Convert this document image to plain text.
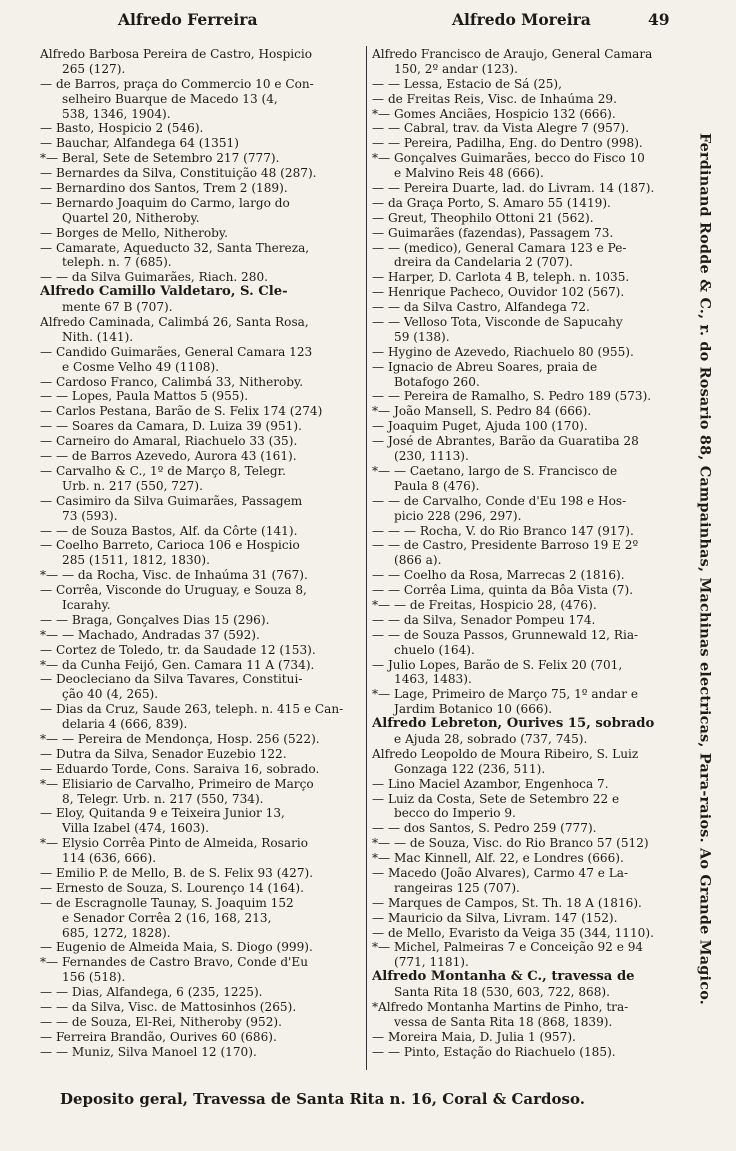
Alfredo Ferreira	Alfredo Moreira	49
Alfredo Barbosa Pereira de Castro, Hospicio
265 (127).
— de Barros, praça do Commercio 10 e Con-
selheiro Buarque de Macedo 13 (4,
538, 1346, 1904).
— Basto, Hospicio 2 (546).
— Bauchar, Alfandega 64 (1351)
*— Beral, Sete de Setembro 217 (777).
— Bernardes da Silva, Constituição 48 (287).
— Bernardino dos Santos, Trem 2 (189).
— Bernardo Joaquim do Carmo, largo do
Quartel 20, Nitheroby.
— Borges de Mello, Nitheroby.
— Camarate, Aqueducto 32, Santa Thereza,
teleph. n. 7 (685).
— — da Silva Guimarães, Riach. 280.
Alfredo Camillo Valdetaro, S. Cle-
mente 67 B (707).
Alfredo Caminada, Calimbá 26, Santa Rosa,
Nith. (141).
— Candido Guimarães, General Camara 123
e Cosme Velho 49 (1108).
— Cardoso Franco, Calimbá 33, Nitheroby.
— — Lopes, Paula Mattos 5 (955).
— Carlos Pestana, Barão de S. Felix 174 (274)
— — Soares da Camara, D. Luiza 39 (951).
— Carneiro do Amaral, Riachuelo 33 (35).
— — de Barros Azevedo, Aurora 43 (161).
— Carvalho & C., 1º de Março 8, Telegr.
Urb. n. 217 (550, 727).
— Casimiro da Silva Guimarães, Passagem
73 (593).
— — de Souza Bastos, Alf. da Côrte (141).
— Coelho Barreto, Carioca 106 e Hospicio
285 (1511, 1812, 1830).
*— — da Rocha, Visc. de Inhaúma 31 (767).
— Corrêa, Visconde do Uruguay, e Souza 8,
Icarahy.
— — Braga, Gonçalves Dias 15 (296).
*— — Machado, Andradas 37 (592).
— Cortez de Toledo, tr. da Saudade 12 (153).
*— da Cunha Feijó, Gen. Camara 11 A (734).
— Deocleciano da Silva Tavares, Constitui-
ção 40 (4, 265).
— Dias da Cruz, Saude 263, teleph. n. 415 e Can-
delaria 4 (666, 839).
*— — Pereira de Mendonça, Hosp. 256 (522).
— Dutra da Silva, Senador Euzebio 122.
— Eduardo Torde, Cons. Saraiva 16, sobrado.
*— Elisiario de Carvalho, Primeiro de Março
8, Telegr. Urb. n. 217 (550, 734).
— Eloy, Quitanda 9 e Teixeira Junior 13,
Villa Izabel (474, 1603).
*— Elysio Corrêa Pinto de Almeida, Rosario
114 (636, 666).
— Emilio P. de Mello, B. de S. Felix 93 (427).
— Ernesto de Souza, S. Lourenço 14 (164).
— de Escragnolle Taunay, S. Joaquim 152
e Senador Corrêa 2 (16, 168, 213,
685, 1272, 1828).
— Eugenio de Almeida Maia, S. Diogo (999).
*— Fernandes de Castro Bravo, Conde d'Eu
156 (518).
— — Dias, Alfandega, 6 (235, 1225).
— — da Silva, Visc. de Mattosinhos (265).
— — de Souza, El-Rei, Nitheroby (952).
— Ferreira Brandão, Ourives 60 (686).
— — Muniz, Silva Manoel 12 (170).
Alfredo Francisco de Araujo, General Camara
150, 2º andar (123).
— — Lessa, Estacio de Sá (25),
— de Freitas Reis, Visc. de Inhaúma 29.
*— Gomes Anciães, Hospicio 132 (666).
— — Cabral, trav. da Vista Alegre 7 (957).
— — Pereira, Padilha, Eng. do Dentro (998).
*— Gonçalves Guimarães, becco do Fisco 10
e Malvino Reis 48 (666).
— — Pereira Duarte, lad. do Livram. 14 (187).
— da Graça Porto, S. Amaro 55 (1419).
— Greut, Theophilo Ottoni 21 (562).
— Guimarães (fazendas), Passagem 73.
— — (medico), General Camara 123 e Pe-
dreira da Candelaria 2 (707).
— Harper, D. Carlota 4 B, teleph. n. 1035.
— Henrique Pacheco, Ouvidor 102 (567).
— — da Silva Castro, Alfandega 72.
— — Velloso Tota, Visconde de Sapucahy
59 (138).
— Hygino de Azevedo, Riachuelo 80 (955).
— Ignacio de Abreu Soares, praia de
Botafogo 260.
— — Pereira de Ramalho, S. Pedro 189 (573).
*— João Mansell, S. Pedro 84 (666).
— Joaquim Puget, Ajuda 100 (170).
— José de Abrantes, Barão da Guaratiba 28
(230, 1113).
*— — Caetano, largo de S. Francisco de
Paula 8 (476).
— — de Carvalho, Conde d'Eu 198 e Hos-
picio 228 (296, 297).
— — — Rocha, V. do Rio Branco 147 (917).
— — de Castro, Presidente Barroso 19 E 2º
(866 a).
— — Coelho da Rosa, Marrecas 2 (1816).
— — Corrêa Lima, quinta da Bôa Vista (7).
*— — de Freitas, Hospicio 28, (476).
— — da Silva, Senador Pompeu 174.
— — de Souza Passos, Grunnewald 12, Ria-
chuelo (164).
— Julio Lopes, Barão de S. Felix 20 (701,
1463, 1483).
*— Lage, Primeiro de Março 75, 1º andar e
Jardim Botanico 10 (666).
Alfredo Lebreton, Ourives 15, sobrado
e Ajuda 28, sobrado (737, 745).
Alfredo Leopoldo de Moura Ribeiro, S. Luiz
Gonzaga 122 (236, 511).
— Lino Maciel Azambor, Engenhoca 7.
— Luiz da Costa, Sete de Setembro 22 e
becco do Imperio 9.
— — dos Santos, S. Pedro 259 (777).
*— — de Souza, Visc. do Rio Branco 57 (512)
*— Mac Kinnell, Alf. 22, e Londres (666).
— Macedo (João Alvares), Carmo 47 e La-
rangeiras 125 (707).
— Marques de Campos, St. Th. 18 A (1816).
— Mauricio da Silva, Livram. 147 (152).
— de Mello, Evaristo da Veiga 35 (344, 1110).
*— Michel, Palmeiras 7 e Conceição 92 e 94
(771, 1181).
Alfredo Montanha & C., travessa de
Santa Rita 18 (530, 603, 722, 868).
*Alfredo Montanha Martins de Pinho, tra-
vessa de Santa Rita 18 (868, 1839).
— Moreira Maia, D. Julia 1 (957).
— — Pinto, Estação do Riachuelo (185).
Ferdinand Rodde & C., r. do Rosario 88, Campainhas, Machinas electricas, Para-raios. Ao Grande Magico.
Deposito geral, Travessa de Santa Rita n. 16, Coral & Cardoso.
